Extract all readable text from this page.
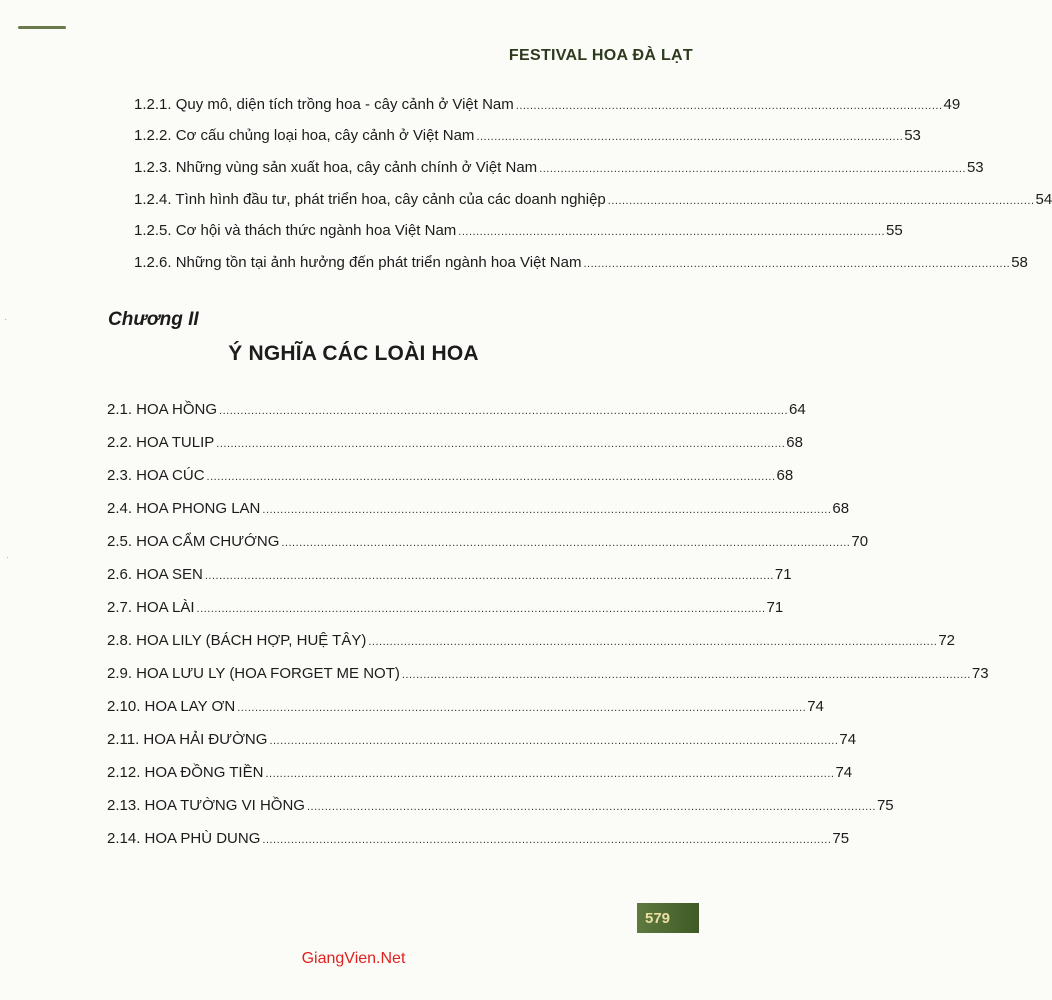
FESTIVAL HOA ĐÀ LẠT
1.2.1. Quy mô, diện tích trồng hoa - cây cảnh ở Việt Nam ........................................................................................................................ 49
1.2.2. Cơ cấu chủng loại hoa, cây cảnh ở Việt Nam ........................................................................................................................ 53
1.2.3. Những vùng sản xuất hoa, cây cảnh chính ở Việt Nam ........................................................................................................................ 53
1.2.4. Tình hình đầu tư, phát triển hoa, cây cảnh của các doanh nghiệp ........................................................................................................................ 54
1.2.5. Cơ hội và thách thức ngành hoa Việt Nam ........................................................................................................................ 55
1.2.6. Những tồn tại ảnh hưởng đến phát triển ngành hoa Việt Nam ........................................................................................................................ 58
·
·
Chương II
Ý NGHĨA CÁC LOÀI HOA
2.1. HOA HỒNG ................................................................................................................................................................ 64
2.2. HOA TULIP ................................................................................................................................................................ 68
2.3. HOA CÚC ................................................................................................................................................................ 68
2.4. HOA PHONG LAN ................................................................................................................................................................ 68
2.5. HOA CẨM CHƯỚNG ................................................................................................................................................................ 70
2.6. HOA SEN ................................................................................................................................................................ 71
2.7. HOA LÀI ................................................................................................................................................................ 71
2.8. HOA LILY (BÁCH HỢP, HUỆ TÂY) ................................................................................................................................................................ 72
2.9. HOA LƯU LY (HOA FORGET ME NOT) ................................................................................................................................................................ 73
2.10. HOA LAY ƠN ................................................................................................................................................................ 74
2.11. HOA HẢI ĐƯỜNG ................................................................................................................................................................ 74
2.12. HOA ĐỒNG TIỀN ................................................................................................................................................................ 74
2.13. HOA TƯỜNG VI HỒNG ................................................................................................................................................................ 75
2.14. HOA PHÙ DUNG ................................................................................................................................................................ 75
579
GiangVien.Net
